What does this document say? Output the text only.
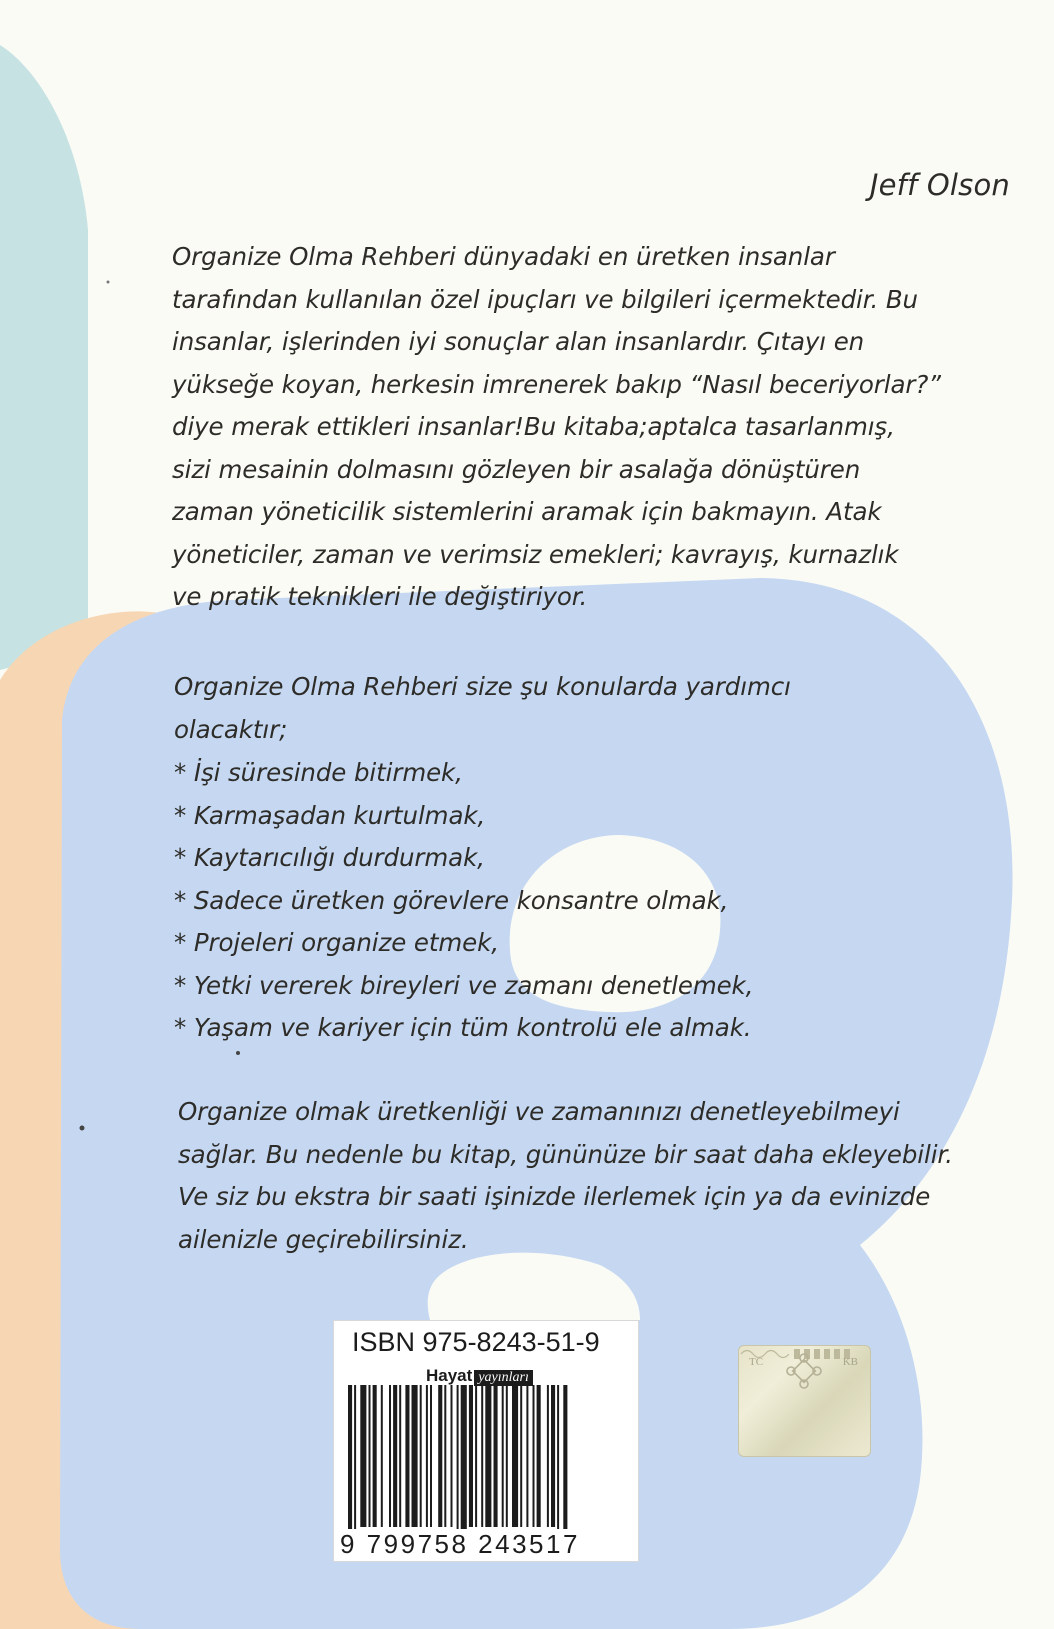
Jeff Olson
Organize Olma Rehberi dünyadaki en üretken insanlar
tarafından kullanılan özel ipuçları ve bilgileri içermektedir. Bu
insanlar, işlerinden iyi sonuçlar alan insanlardır. Çıtayı en
yükseğe koyan, herkesin imrenerek bakıp “Nasıl beceriyorlar?”
diye merak ettikleri insanlar!Bu kitaba;aptalca tasarlanmış,
sizi mesainin dolmasını gözleyen bir asalağa dönüştüren
zaman yöneticilik sistemlerini aramak için bakmayın. Atak
yöneticiler, zaman ve verimsiz emekleri; kavrayış, kurnazlık
ve pratik teknikleri ile değiştiriyor.
Organize Olma Rehberi size şu konularda yardımcı
olacaktır;
* İşi süresinde bitirmek,
* Karmaşadan kurtulmak,
* Kaytarıcılığı durdurmak,
* Sadece üretken görevlere konsantre olmak,
* Projeleri organize etmek,
* Yetki vererek bireyleri ve zamanı denetlemek,
* Yaşam ve kariyer için tüm kontrolü ele almak.
Organize olmak üretkenliği ve zamanınızı denetleyebilmeyi
sağlar. Bu nedenle bu kitap, gününüze bir saat daha ekleyebilir.
Ve siz bu ekstra bir saati işinizde ilerlemek için ya da evinizde
ailenizle geçirebilirsiniz.
ISBN 975-8243-51-9
Hayat yayınları
9 799758 243517
TC	KB
